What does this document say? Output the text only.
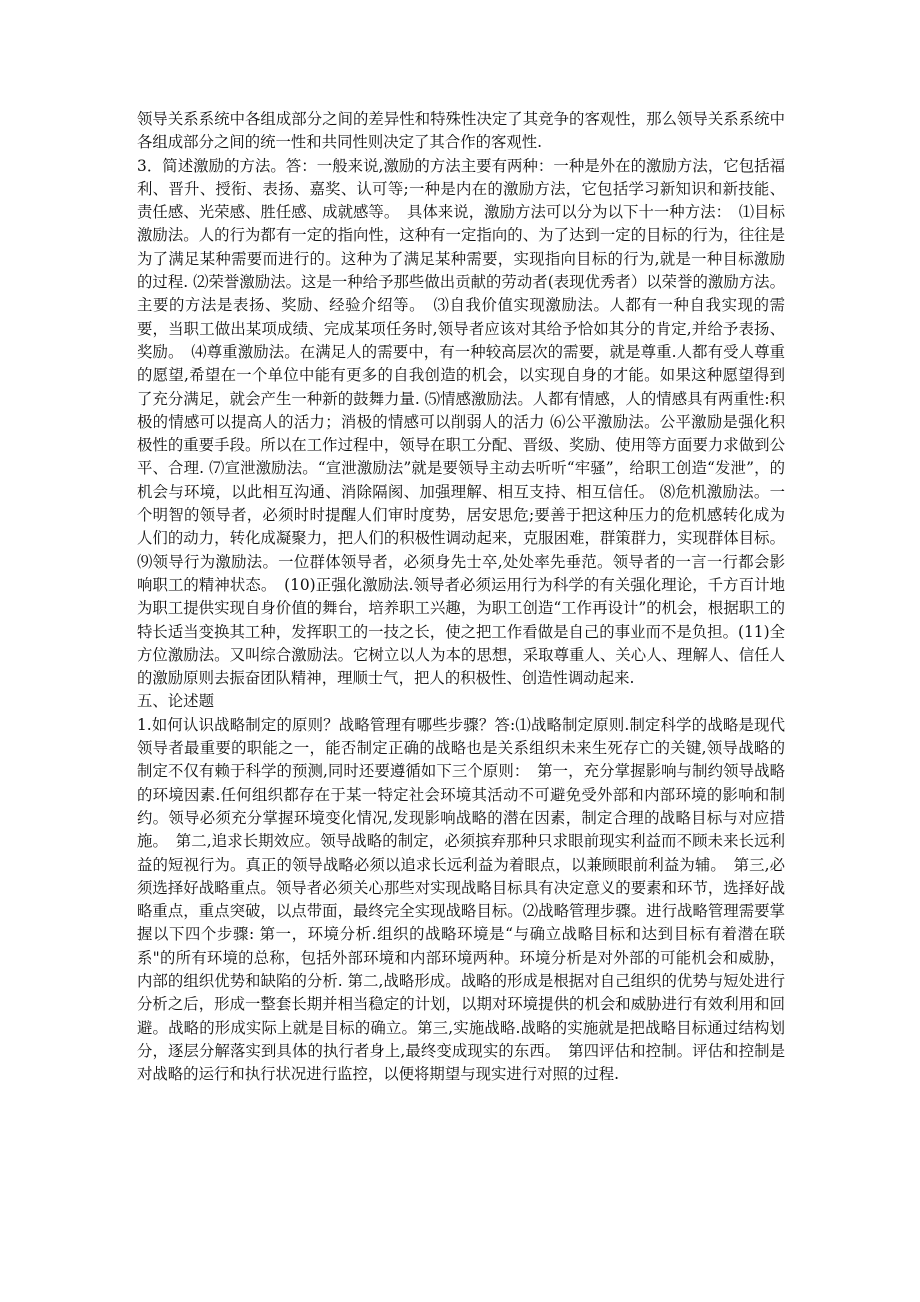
领导关系系统中各组成部分之间的差异性和特殊性决定了其竞争的客观性，那么领导关系系统中各组成部分之间的统一性和共同性则决定了其合作的客观性.

3．简述激励的方法。答：一般来说,激励的方法主要有两种：一种是外在的激励方法，它包括福利、晋升、授衔、表扬、嘉奖、认可等;一种是内在的激励方法，它包括学习新知识和新技能、责任感、光荣感、胜任感、成就感等。　具体来说，激励方法可以分为以下十一种方法：　⑴目标激励法。人的行为都有一定的指向性，这种有一定指向的、为了达到一定的目标的行为，往往是为了满足某种需要而进行的。这种为了满足某种需要，实现指向目标的行为,就是一种目标激励的过程. ⑵荣誉激励法。这是一种给予那些做出贡献的劳动者(表现优秀者）以荣誉的激励方法。主要的方法是表扬、奖励、经验介绍等。　⑶自我价值实现激励法。人都有一种自我实现的需要，当职工做出某项成绩、完成某项任务时,领导者应该对其给予恰如其分的肯定,并给予表扬、奖励。　⑷尊重激励法。在满足人的需要中，有一种较高层次的需要，就是尊重.人都有受人尊重的愿望,希望在一个单位中能有更多的自我创造的机会，以实现自身的才能。如果这种愿望得到了充分满足，就会产生一种新的鼓舞力量. ⑸情感激励法。人都有情感，人的情感具有两重性:积极的情感可以提高人的活力；消极的情感可以削弱人的活力 ⑹公平激励法。公平激励是强化积极性的重要手段。所以在工作过程中，领导在职工分配、晋级、奖励、使用等方面要力求做到公平、合理. ⑺宣泄激励法。“宣泄激励法”就是要领导主动去听听“牢骚”，给职工创造“发泄”，的机会与环境，以此相互沟通、消除隔阂、加强理解、相互支持、相互信任。 ⑻危机激励法。一个明智的领导者，必须时时提醒人们审时度势，居安思危;要善于把这种压力的危机感转化成为人们的动力，转化成凝聚力，把人们的积极性调动起来，克服困难，群策群力，实现群体目标。 ⑼领导行为激励法。一位群体领导者，必须身先士卒,处处率先垂范。领导者的一言一行都会影响职工的精神状态。　(10)正强化激励法.领导者必须运用行为科学的有关强化理论，千方百计地为职工提供实现自身价值的舞台，培养职工兴趣，为职工创造“工作再设计”的机会，根据职工的特长适当变换其工种，发挥职工的一技之长，使之把工作看做是自己的事业而不是负担。(11)全方位激励法。又叫综合激励法。它树立以人为本的思想，采取尊重人、关心人、理解人、信任人的激励原则去振奋团队精神，理顺士气，把人的积极性、创造性调动起来.

五、论述题

1.如何认识战略制定的原则？战略管理有哪些步骤？答:⑴战略制定原则.制定科学的战略是现代领导者最重要的职能之一，能否制定正确的战略也是关系组织未来生死存亡的关键,领导战略的制定不仅有赖于科学的预测,同时还要遵循如下三个原则：　第一，充分掌握影响与制约领导战略的环境因素.任何组织都存在于某一特定社会环境其活动不可避免受外部和内部环境的影响和制约。领导必须充分掌握环境变化情况,发现影响战略的潜在因素，制定合理的战略目标与对应措施。　第二,追求长期效应。领导战略的制定，必须摈弃那种只求眼前现实利益而不顾未来长远利益的短视行为。真正的领导战略必须以追求长远利益为着眼点，以兼顾眼前利益为辅。　第三,必须选择好战略重点。领导者必须关心那些对实现战略目标具有决定意义的要素和环节，选择好战略重点，重点突破，以点带面，最终完全实现战略目标。⑵战略管理步骤。进行战略管理需要掌握以下四个步骤: 第一，环境分析.组织的战略环境是“与确立战略目标和达到目标有着潜在联系"的所有环境的总称，包括外部环境和内部环境两种。环境分析是对外部的可能机会和威胁，内部的组织优势和缺陷的分析. 第二,战略形成。战略的形成是根据对自己组织的优势与短处进行分析之后，形成一整套长期并相当稳定的计划，以期对环境提供的机会和威胁进行有效利用和回避。战略的形成实际上就是目标的确立。第三,实施战略.战略的实施就是把战略目标通过结构划分，逐层分解落实到具体的执行者身上,最终变成现实的东西。　第四评估和控制。评估和控制是对战略的运行和执行状况进行监控，以便将期望与现实进行对照的过程.
